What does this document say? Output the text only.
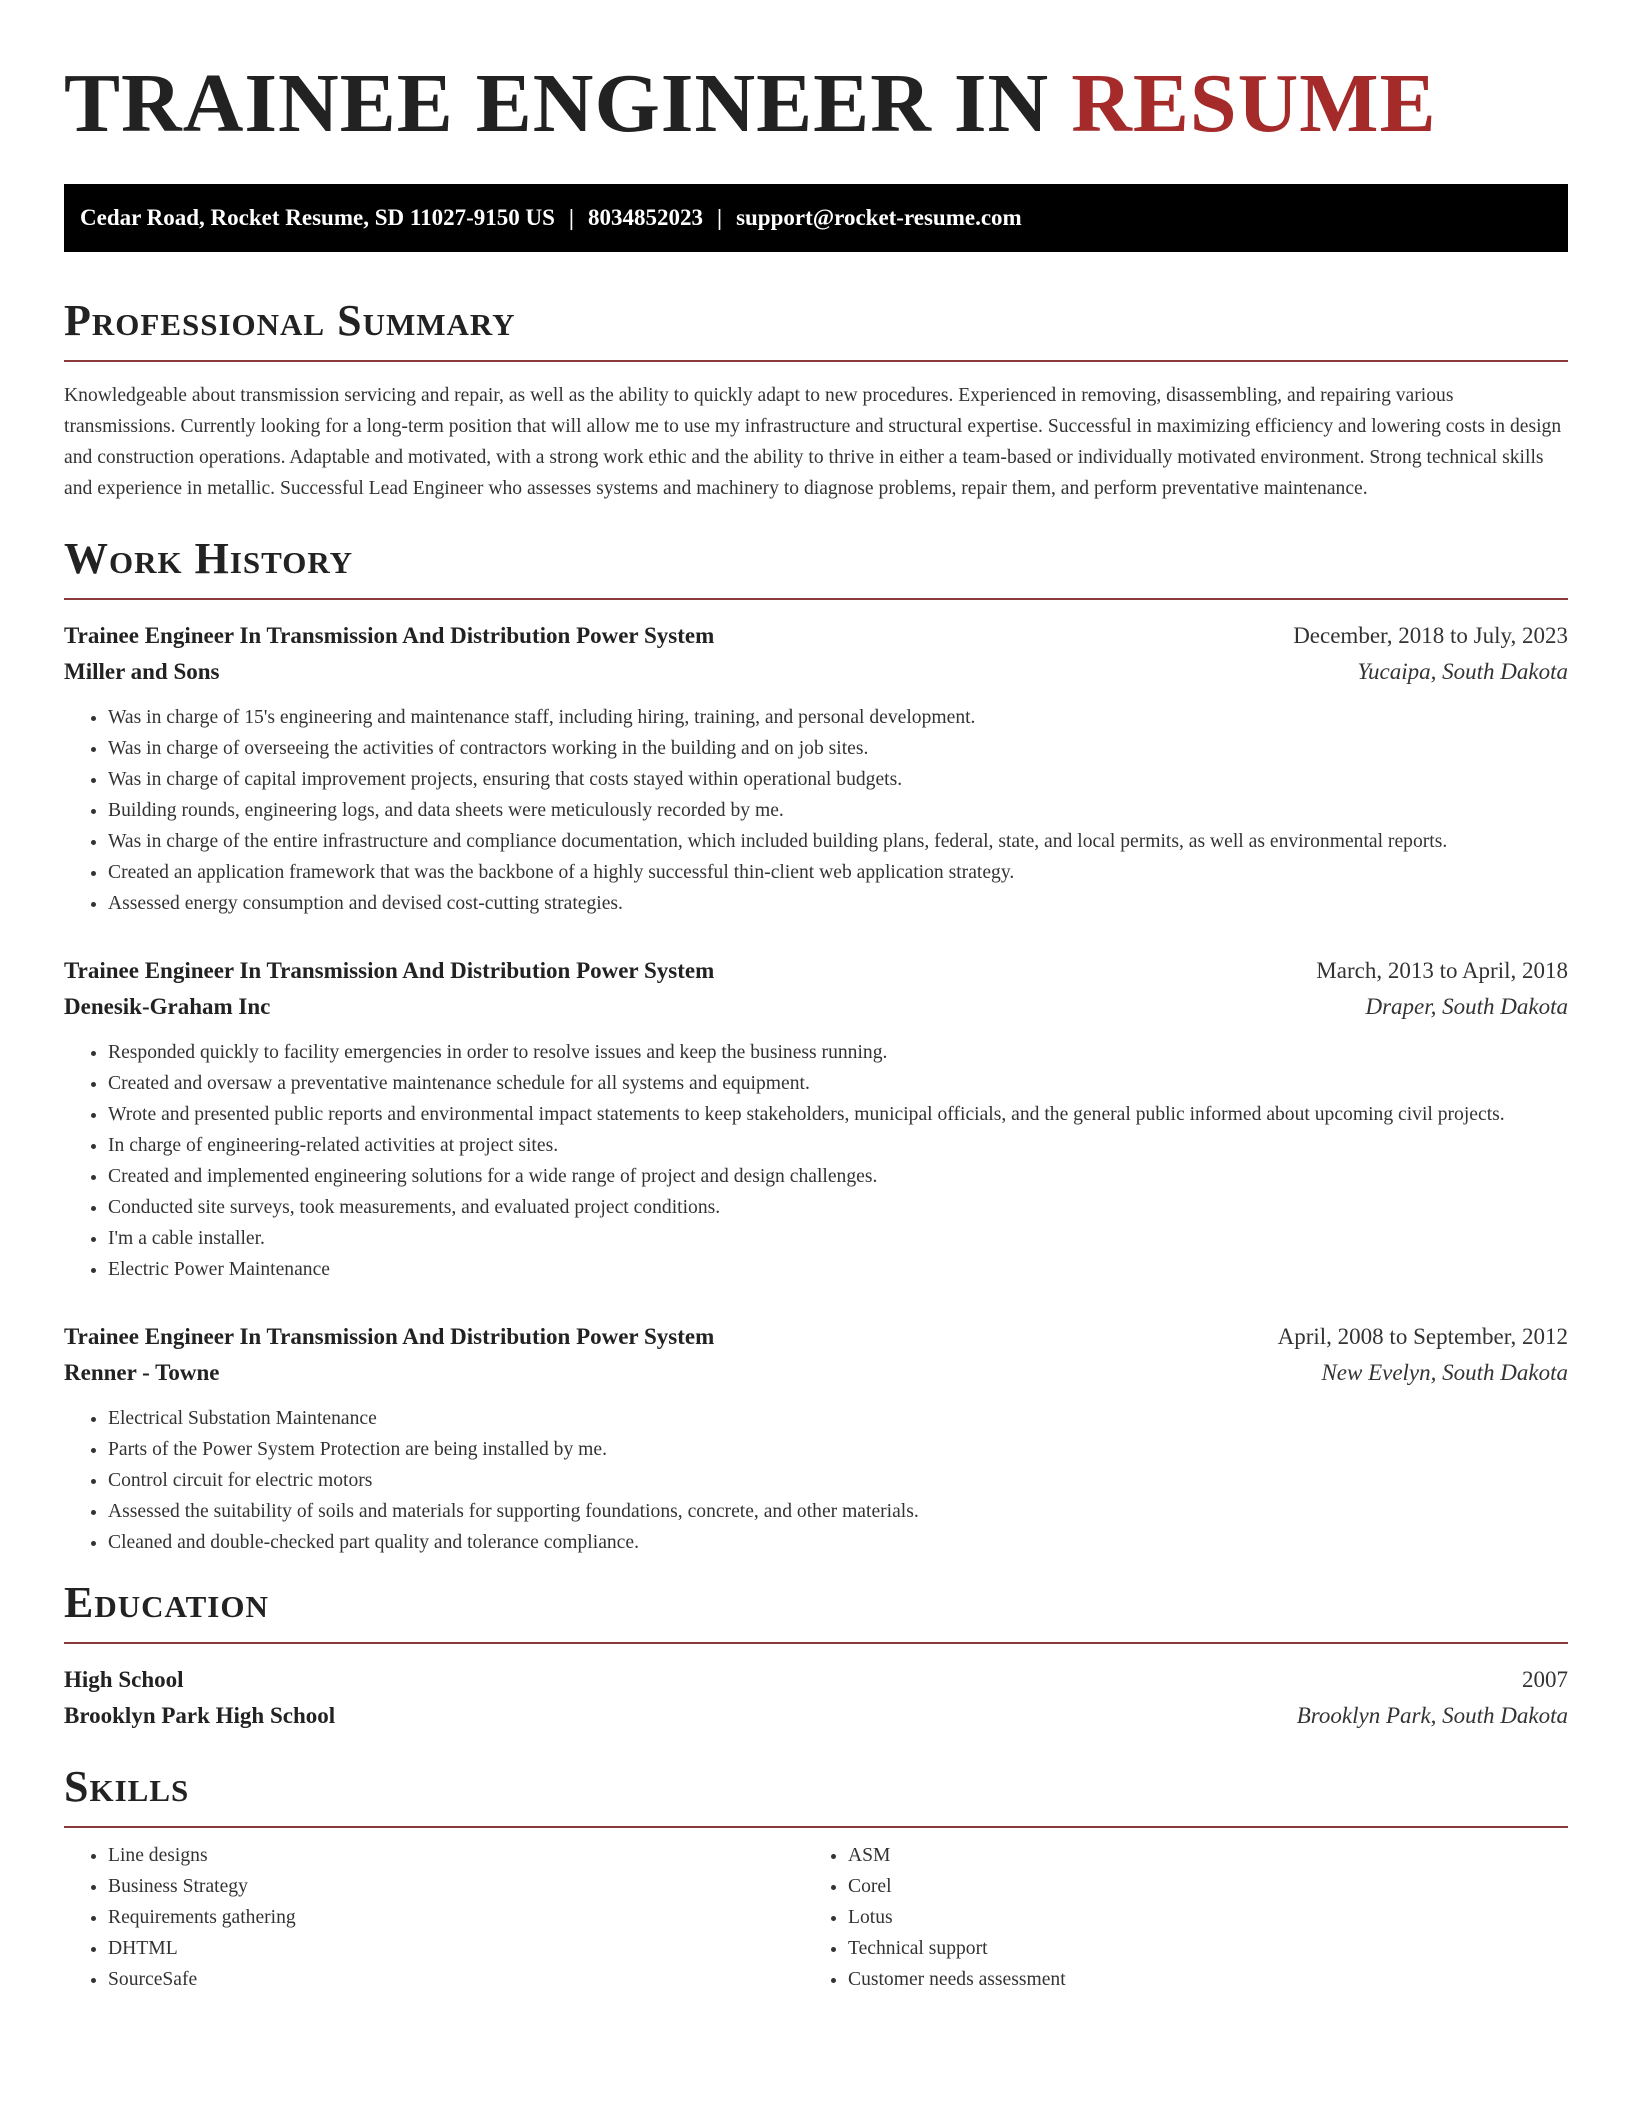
TRAINEE ENGINEER IN RESUME
Cedar Road, Rocket Resume, SD 11027-9150 US | 8034852023 | support@rocket-resume.com
Professional Summary

Knowledgeable about transmission servicing and repair, as well as the ability to quickly adapt to new procedures. Experienced in removing, disassembling, and repairing various transmissions. Currently looking for a long-term position that will allow me to use my infrastructure and structural expertise. Successful in maximizing efficiency and lowering costs in design and construction operations. Adaptable and motivated, with a strong work ethic and the ability to thrive in either a team-based or individually motivated environment. Strong technical skills and experience in metallic. Successful Lead Engineer who assesses systems and machinery to diagnose problems, repair them, and perform preventative maintenance.

Work History
Trainee Engineer In Transmission And Distribution Power System	December, 2018 to July, 2023
Miller and Sons	Yucaipa, South Dakota
• Was in charge of 15's engineering and maintenance staff, including hiring, training, and personal development.
• Was in charge of overseeing the activities of contractors working in the building and on job sites.
• Was in charge of capital improvement projects, ensuring that costs stayed within operational budgets.
• Building rounds, engineering logs, and data sheets were meticulously recorded by me.
• Was in charge of the entire infrastructure and compliance documentation, which included building plans, federal, state, and local permits, as well as environmental reports.
• Created an application framework that was the backbone of a highly successful thin-client web application strategy.
• Assessed energy consumption and devised cost-cutting strategies.
Trainee Engineer In Transmission And Distribution Power System	March, 2013 to April, 2018
Denesik-Graham Inc	Draper, South Dakota
• Responded quickly to facility emergencies in order to resolve issues and keep the business running.
• Created and oversaw a preventative maintenance schedule for all systems and equipment.
• Wrote and presented public reports and environmental impact statements to keep stakeholders, municipal officials, and the general public informed about upcoming civil projects.
• In charge of engineering-related activities at project sites.
• Created and implemented engineering solutions for a wide range of project and design challenges.
• Conducted site surveys, took measurements, and evaluated project conditions.
• I'm a cable installer.
• Electric Power Maintenance
Trainee Engineer In Transmission And Distribution Power System	April, 2008 to September, 2012
Renner - Towne	New Evelyn, South Dakota
• Electrical Substation Maintenance
• Parts of the Power System Protection are being installed by me.
• Control circuit for electric motors
• Assessed the suitability of soils and materials for supporting foundations, concrete, and other materials.
• Cleaned and double-checked part quality and tolerance compliance.
Education
High School	2007
Brooklyn Park High School	Brooklyn Park, South Dakota
Skills
• Line designs
• Business Strategy
• Requirements gathering
• DHTML
• SourceSafe
• ASM
• Corel
• Lotus
• Technical support
• Customer needs assessment
